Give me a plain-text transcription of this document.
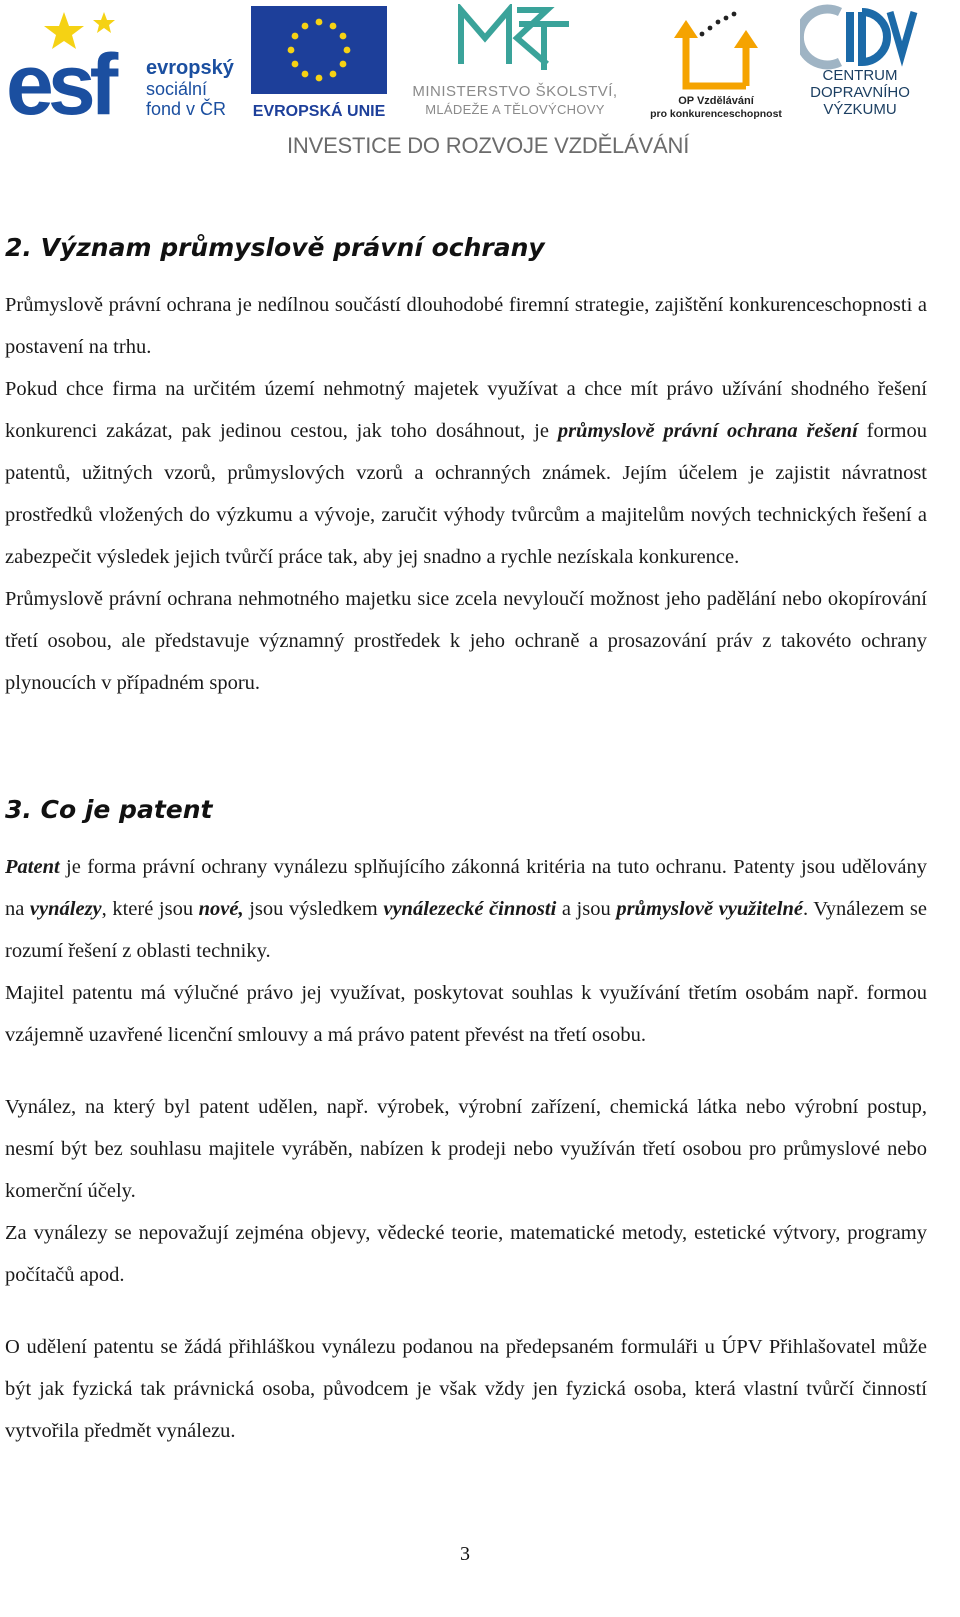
esf	evropský
sociální
fond v ČR EVROPSKÁ UNIE
MINISTERSTVO ŠKOLSTVÍ,
MLÁDEŽE A TĚLOVÝCHOVY
OP Vzdělávání
pro konkurenceschopnost
CENTRUM
DOPRAVNÍHO
VÝZKUMU
INVESTICE DO ROZVOJE VZDĚLÁVÁNÍ
2. Význam průmyslově právní ochrany

Průmyslově právní ochrana je nedílnou součástí dlouhodobé firemní strategie, zajištění konkurenceschopnosti a postavení na trhu.

Pokud chce firma na určitém území nehmotný majetek využívat a chce mít právo užívání shodného řešení konkurenci zakázat, pak jedinou cestou, jak toho dosáhnout, je průmyslově právní ochrana řešení formou patentů, užitných vzorů, průmyslových vzorů a ochranných známek. Jejím účelem je zajistit návratnost prostředků vložených do výzkumu a vývoje, zaručit výhody tvůrcům a majitelům nových technických řešení a zabezpečit výsledek jejich tvůrčí práce tak, aby jej snadno a rychle nezískala konkurence.

Průmyslově právní ochrana nehmotného majetku sice zcela nevyloučí možnost jeho padělání nebo okopírování třetí osobou, ale představuje významný prostředek k jeho ochraně a prosazování práv z takovéto ochrany plynoucích v případném sporu.

3. Co je patent

Patent je forma právní ochrany vynálezu splňujícího zákonná kritéria na tuto ochranu. Patenty jsou udělovány na vynálezy, které jsou nové, jsou výsledkem vynálezecké činnosti a jsou průmyslově využitelné. Vynálezem se rozumí řešení z oblasti techniky.

Majitel patentu má výlučné právo jej využívat, poskytovat souhlas k využívání třetím osobám např. formou vzájemně uzavřené licenční smlouvy a má právo patent převést na třetí osobu.

Vynález, na který byl patent udělen, např. výrobek, výrobní zařízení, chemická látka nebo výrobní postup, nesmí být bez souhlasu majitele vyráběn, nabízen k prodeji nebo využíván třetí osobou pro průmyslové nebo komerční účely.

Za vynálezy se nepovažují zejména objevy, vědecké teorie, matematické metody, estetické výtvory, programy počítačů apod.

O udělení patentu se žádá přihláškou vynálezu podanou na předepsaném formuláři u ÚPV Přihlašovatel může být jak fyzická tak právnická osoba, původcem je však vždy jen fyzická osoba, která vlastní tvůrčí činností vytvořila předmět vynálezu.

3
